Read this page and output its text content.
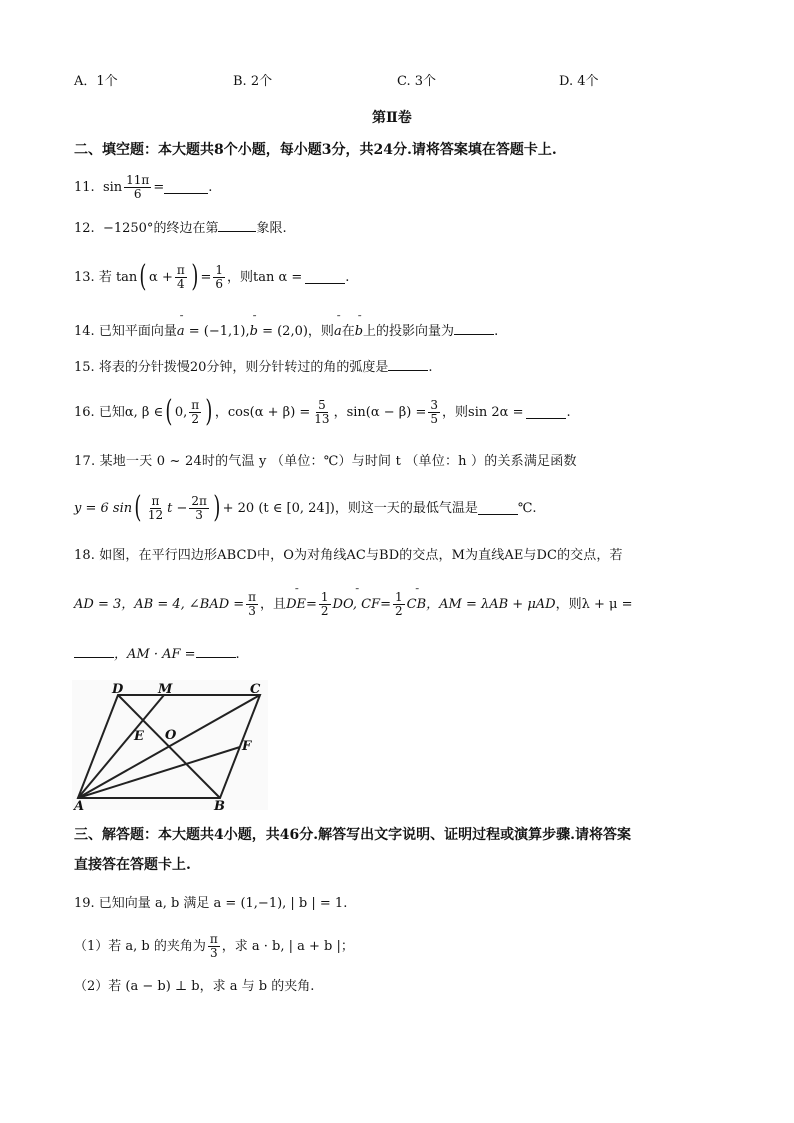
A．1个	B. 2个	C. 3个	D. 4个
第Ⅱ卷
二、填空题：本大题共8个小题，每小题3分，共24分.请将答案填在答题卡上.
11.
$\sin \frac{11\pi}{6}$ =	.
12. −1250°的终边在第	象限.
13.
若 tan ( $\alpha + \frac{\pi}{4}$ ) = $\frac{1}{6}$ ，则tan α =	.
14. 已知平面向量¯ a = (−1,1),¯ b = (2,0)，则¯ a在¯ b上的投影向量为	.
15. 将表的分针拨慢20分钟，则分针转过的角的弧度是	.
16.
已知α, β ∈ ( 0, $\frac{\pi}{2}$ ) ，$\cos(\alpha + \beta) = \frac{5}{13}$ ，$\sin(\alpha - \beta) = \frac{3}{5}$ ，则sin 2α =	.
17. 某地一天 0 ~ 24时的气温 y （单位：℃）与时间 t （单位：h ）的关系满足函数
y = 6 sin ( $\frac{\pi}{12}$ $t - \frac{2\pi}{3}$ ) + 20
(t ∈ [0, 24]) ，则这一天的最低气温是	℃.
18. 如图，在平行四边形ABCD中，O为对角线AC与BD的交点，M为直线AE与DC的交点，若
AD = 3，AB = 4, ∠BAD = $\frac{\pi}{3}$ ，且 ¯ DE = $\frac{1}{2}$ ¯ DO, CF = $\frac{1}{2}$ ¯ CB ，AM = λAB + μAD ，则λ + μ =
，AM · AF =	.
D	M	C
E O
F
A	B
三、解答题：本大题共4小题，共46分.解答写出文字说明、证明过程或演算步骤.请将答案
直接答在答题卡上.
19. 已知向量 a, b 满足 a = (1,−1), | b | = 1.
（1）若 a, b 的夹角为 $\frac{\pi}{3}$ ，求 a · b, | a + b |；
（2）若 (a − b) ⊥ b，求 a 与 b 的夹角.
